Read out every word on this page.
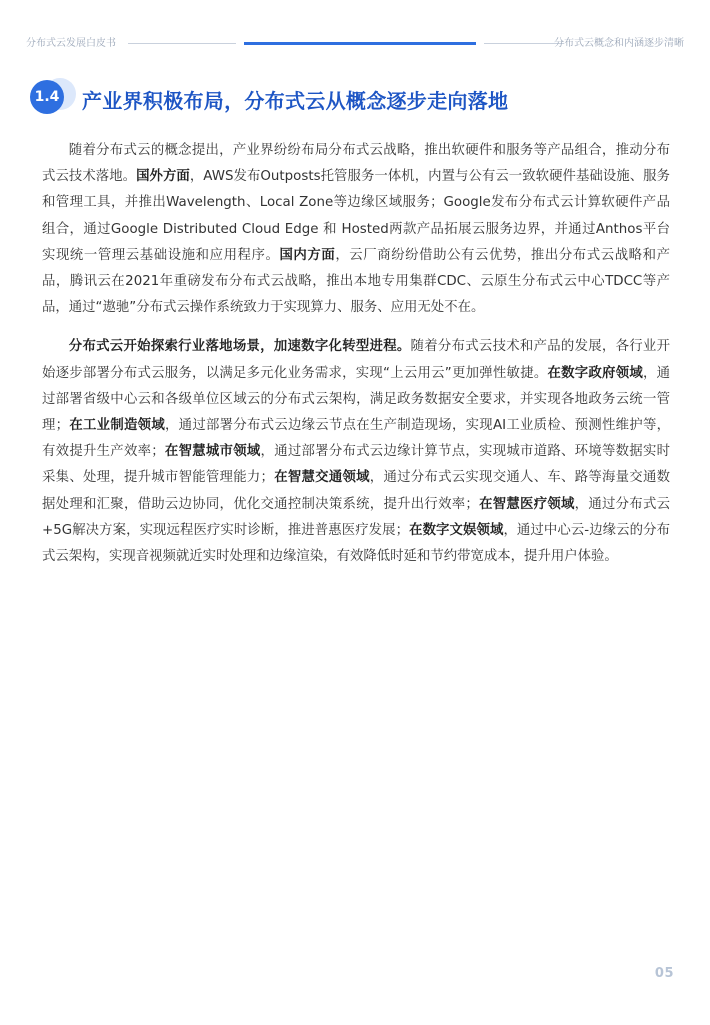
分布式云发展白皮书	分布式云概念和内涵逐步清晰
1.4 产业界积极布局，分布式云从概念逐步走向落地

随着分布式云的概念提出，产业界纷纷布局分布式云战略，推出软硬件和服务等产品组合，推动分布式云技术落地。国外方面，AWS发布Outposts托管服务一体机，内置与公有云一致软硬件基础设施、服务和管理工具，并推出Wavelength、Local Zone等边缘区域服务；Google发布分布式云计算软硬件产品组合，通过Google Distributed Cloud Edge 和 Hosted两款产品拓展云服务边界，并通过Anthos平台实现统一管理云基础设施和应用程序。国内方面，云厂商纷纷借助公有云优势，推出分布式云战略和产品，腾讯云在2021年重磅发布分布式云战略，推出本地专用集群CDC、云原生分布式云中心TDCC等产品，通过“遨驰”分布式云操作系统致力于实现算力、服务、应用无处不在。

分布式云开始探索行业落地场景，加速数字化转型进程。随着分布式云技术和产品的发展，各行业开始逐步部署分布式云服务，以满足多元化业务需求，实现“上云用云”更加弹性敏捷。在数字政府领域，通过部署省级中心云和各级单位区域云的分布式云架构，满足政务数据安全要求，并实现各地政务云统一管理；在工业制造领域，通过部署分布式云边缘云节点在生产制造现场，实现AI工业质检、预测性维护等，有效提升生产效率；在智慧城市领域，通过部署分布式云边缘计算节点，实现城市道路、环境等数据实时采集、处理，提升城市智能管理能力；在智慧交通领域，通过分布式云实现交通人、车、路等海量交通数据处理和汇聚，借助云边协同，优化交通控制决策系统，提升出行效率；在智慧医疗领域，通过分布式云+5G解决方案，实现远程医疗实时诊断，推进普惠医疗发展；在数字文娱领域，通过中心云-边缘云的分布式云架构，实现音视频就近实时处理和边缘渲染，有效降低时延和节约带宽成本，提升用户体验。

05
